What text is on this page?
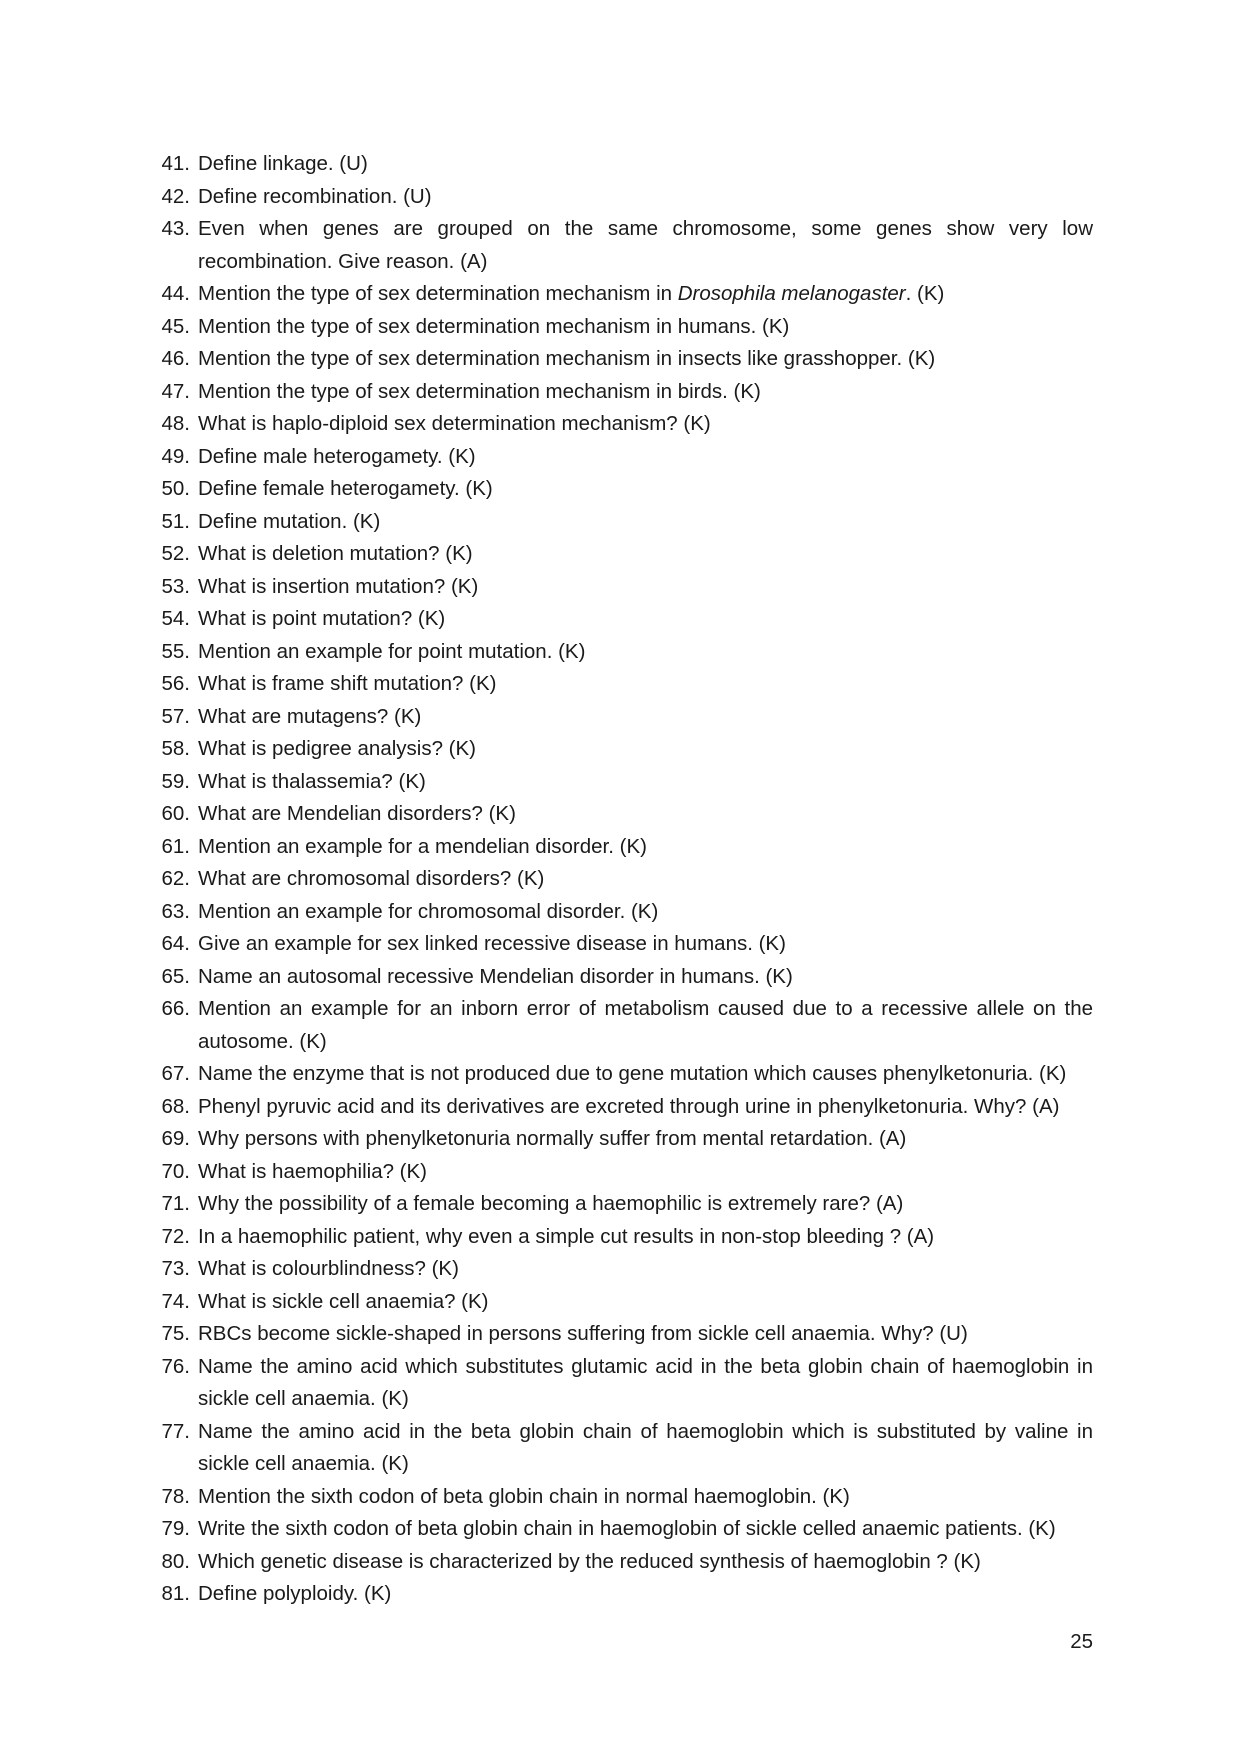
41. Define linkage. (U)
42. Define recombination. (U)
43. Even when genes are grouped on the same chromosome, some genes show very low recombination. Give reason. (A)
44. Mention the type of sex determination mechanism in Drosophila melanogaster. (K)
45. Mention the type of sex determination mechanism in humans. (K)
46. Mention the type of sex determination mechanism in insects like grasshopper. (K)
47. Mention the type of sex determination mechanism in birds. (K)
48. What is haplo-diploid sex determination mechanism? (K)
49. Define male heterogamety. (K)
50. Define female heterogamety. (K)
51. Define mutation. (K)
52. What is deletion mutation? (K)
53. What is insertion mutation? (K)
54. What is point mutation? (K)
55. Mention an example for point mutation. (K)
56. What is frame shift mutation? (K)
57. What are mutagens? (K)
58. What is pedigree analysis? (K)
59. What is thalassemia? (K)
60. What are Mendelian disorders? (K)
61. Mention an example for a mendelian disorder. (K)
62. What are chromosomal disorders? (K)
63. Mention an example for chromosomal disorder. (K)
64. Give an example for sex linked recessive disease in humans. (K)
65. Name an autosomal recessive Mendelian disorder in humans. (K)
66. Mention an example for an inborn error of metabolism caused due to a recessive allele on the autosome. (K)
67. Name the enzyme that is not produced due to gene mutation which causes phenylketonuria. (K)
68. Phenyl pyruvic acid and its derivatives are excreted through urine in phenylketonuria. Why? (A)
69. Why persons with phenylketonuria normally suffer from mental retardation. (A)
70. What is haemophilia? (K)
71. Why the possibility of a female becoming a haemophilic is extremely rare? (A)
72. In a haemophilic patient, why even a simple cut results in non-stop bleeding ? (A)
73. What is colourblindness? (K)
74. What is sickle cell anaemia? (K)
75. RBCs become sickle-shaped in persons suffering from sickle cell anaemia. Why? (U)
76. Name the amino acid which substitutes glutamic acid in the beta globin chain of haemoglobin in sickle cell anaemia. (K)
77. Name the amino acid in the beta globin chain of haemoglobin which is substituted by valine in sickle cell anaemia. (K)
78. Mention the sixth codon of beta globin chain in normal haemoglobin. (K)
79. Write the sixth codon of beta globin chain in haemoglobin of sickle celled anaemic patients. (K)
80. Which genetic disease is characterized by the reduced synthesis of haemoglobin ? (K)
81. Define polyploidy. (K)
25
